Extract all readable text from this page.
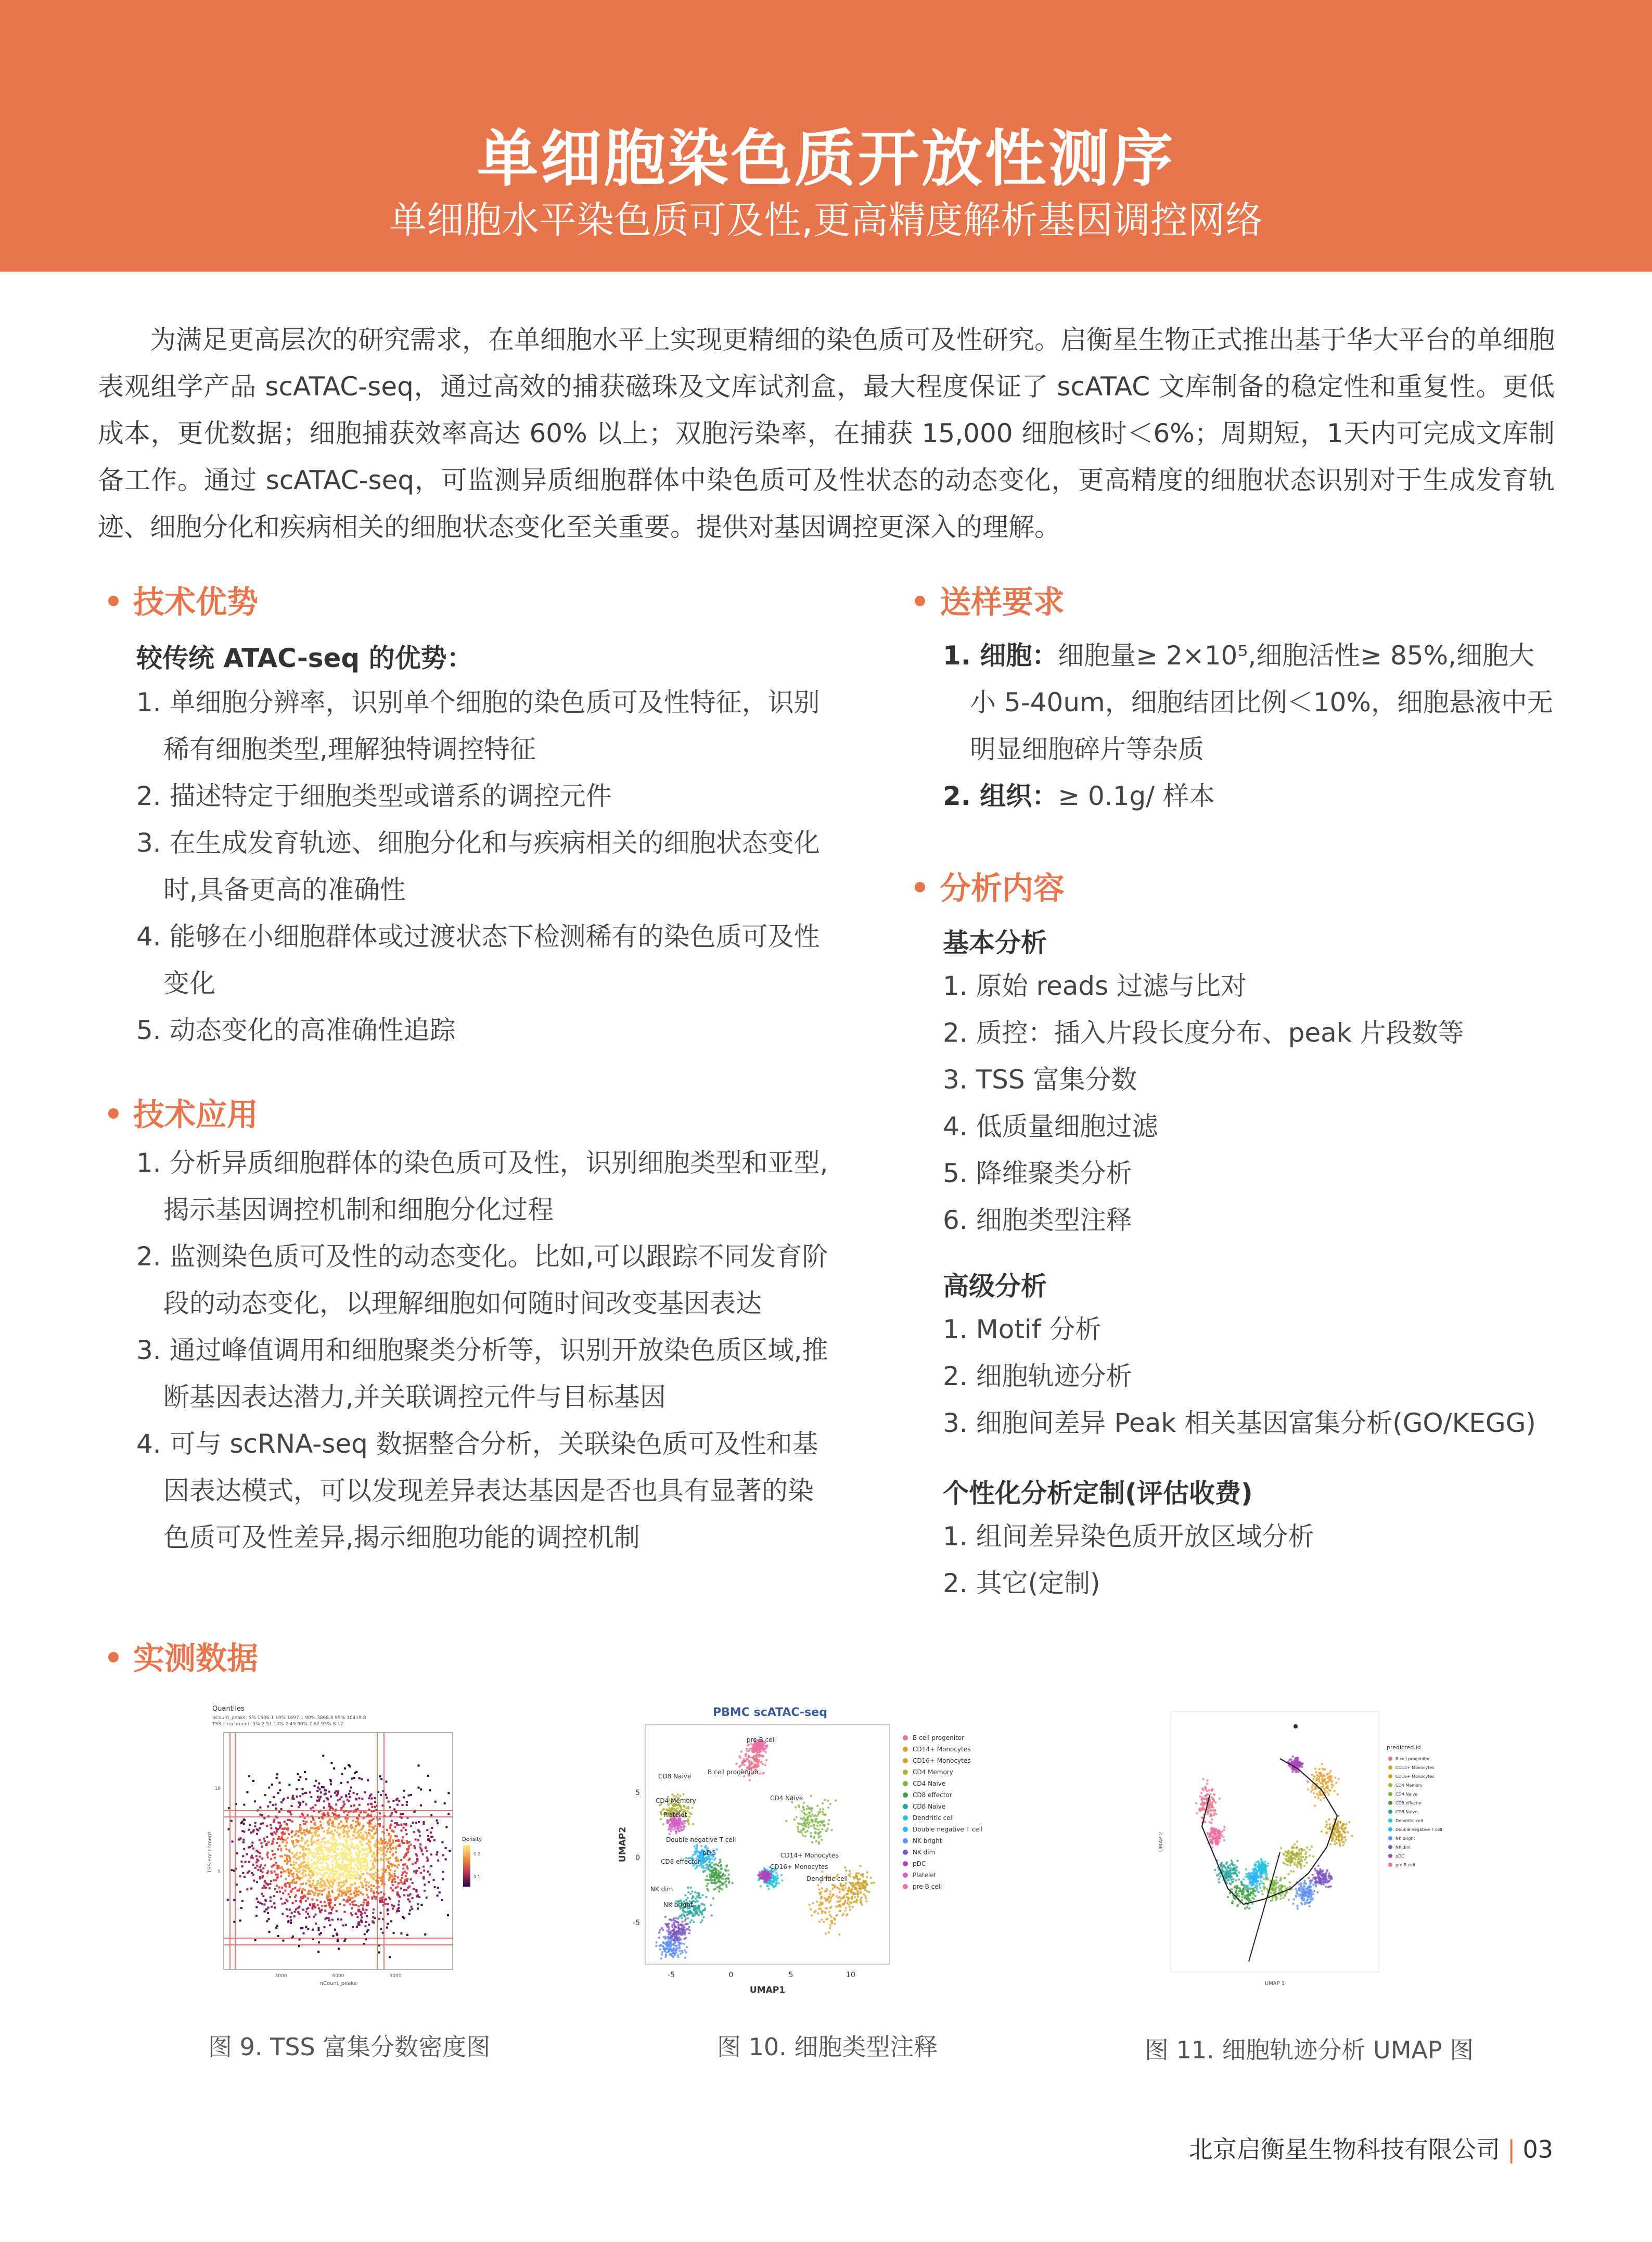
单细胞染色质开放性测序
单细胞水平染色质可及性,更高精度解析基因调控网络

为满足更高层次的研究需求，在单细胞水平上实现更精细的染色质可及性研究。启衡星生物正式推出基于华大平台的单细胞表观组学产品 scATAC-seq，通过高效的捕获磁珠及文库试剂盒，最大程度保证了 scATAC 文库制备的稳定性和重复性。更低成本，更优数据；细胞捕获效率高达 60% 以上；双胞污染率，在捕获 15,000 细胞核时＜6%；周期短，1天内可完成文库制备工作。通过 scATAC-seq，可监测异质细胞群体中染色质可及性状态的动态变化，更高精度的细胞状态识别对于生成发育轨迹、细胞分化和疾病相关的细胞状态变化至关重要。提供对基因调控更深入的理解。

技术优势
较传统 ATAC-seq 的优势：
1. 单细胞分辨率，识别单个细胞的染色质可及性特征，识别稀有细胞类型,理解独特调控特征
2. 描述特定于细胞类型或谱系的调控元件
3. 在生成发育轨迹、细胞分化和与疾病相关的细胞状态变化时,具备更高的准确性
4. 能够在小细胞群体或过渡状态下检测稀有的染色质可及性变化
5. 动态变化的高准确性追踪
技术应用
1. 分析异质细胞群体的染色质可及性，识别细胞类型和亚型,揭示基因调控机制和细胞分化过程
2. 监测染色质可及性的动态变化。比如,可以跟踪不同发育阶段的动态变化，以理解细胞如何随时间改变基因表达
3. 通过峰值调用和细胞聚类分析等，识别开放染色质区域,推断基因表达潜力,并关联调控元件与目标基因
4. 可与 scRNA-seq 数据整合分析，关联染色质可及性和基因表达模式，可以发现差异表达基因是否也具有显著的染色质可及性差异,揭示细胞功能的调控机制
送样要求
1. 细胞：细胞量≥ 2×10⁵,细胞活性≥ 85%,细胞大小 5-40um，细胞结团比例＜10%，细胞悬液中无明显细胞碎片等杂质
2. 组织：≥ 0.1g/ 样本
分析内容
基本分析
1. 原始 reads 过滤与比对
2. 质控：插入片段长度分布、peak 片段数等
3. TSS 富集分数
4. 低质量细胞过滤
5. 降维聚类分析
6. 细胞类型注释
高级分析
1. Motif 分析
2. 细胞轨迹分析
3. 细胞间差异 Peak 相关基因富集分析(GO/KEGG)
个性化分析定制(评估收费)
1. 组间差异染色质开放区域分析
2. 其它(定制)
实测数据
Quantiles
nCount_peaks: 5% 1506.1 10% 1697.1 90% 3868.8 95% 10419.8
TSS.enrichment: 5% 2.51 10% 2.49 90% 7.62 95% 8.17
10
5
3000	6000	9000
nCount_peaks
TSS.enrichment	Density
0.2
0.1
图 9. TSS 富集分数密度图
PBMC scATAC-seq
pre-B cell
B cell progenitor
CD8 Naive
CD4 Memory
Platelet
Double negative T cell
CD8 effector
NK dim
NK bright
pDC
CD4 Naive
CD14+ Monocytes
CD16+ Monocytes
Dendritic cell
-5	0	5	10
5
0
-5
UMAP1
UMAP2
B cell progenitor
CD14+ Monocytes
CD16+ Monocytes
CD4 Memory
CD4 Naive
CD8 effector
CD8 Naive
Dendritic cell
Double negative T cell
NK bright
NK dim
pDC
Platelet
pre-B cell
图 10. 细胞类型注释
UMAP 1
UMAP 2
predicted.id
B cell progenitor
CD14+ Monocytes
CD16+ Monocytes
CD4 Memory
CD4 Naive
CD8 effector
CD8 Naive
Dendritic cell
Double negative T cell
NK bright
NK dim
pDC
pre-B cell
图 11. 细胞轨迹分析 UMAP 图
北京启衡星生物科技有限公司 | 03
